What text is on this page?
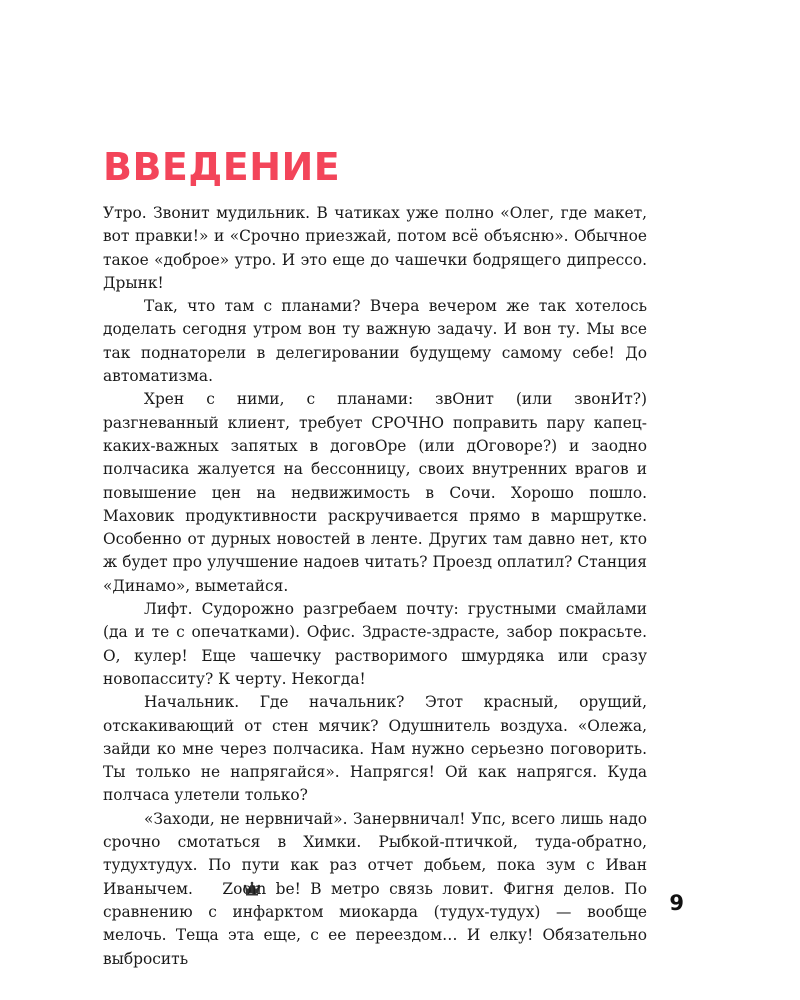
ВВЕДЕНИЕ

Утро. Звонит мудильник. В чатиках уже полно «Олег, где макет, вот правки!» и «Срочно приезжай, потом всё объясню». Обычное такое «доброе» утро. И это еще до чашечки бодрящего дипрессо. Дрынк!

Так, что там с планами? Вчера вечером же так хотелось доделать сегодня утром вон ту важную задачу. И вон ту. Мы все так поднаторели в делегировании будущему самому себе! До автоматизма.

Хрен с ними, с планами: звОнит (или звонИт?) разгневанный клиент, требует СРОЧНО поправить пару капец-каких-важных запятых в договОре (или дОговоре?) и заодно полчасика жалуется на бессонницу, своих внутренних врагов и повышение цен на недвижимость в Сочи. Хорошо пошло. Маховик продуктивности раскручивается прямо в маршрутке. Особенно от дурных новостей в ленте. Других там давно нет, кто ж будет про улучшение надоев читать? Проезд оплатил? Станция «Динамо», выметайся.

Лифт. Судорожно разгребаем почту: грустными смайлами (да и те с опечатками). Офис. Здрасте-здрасте, забор покрасьте. О, кулер! Еще чашечку растворимого шмурдяка или сразу новопасситу? К черту. Некогда!

Начальник. Где начальник? Этот красный, орущий, отскакивающий от стен мячик? Одушнитель воздуха. «Олежа, зайди ко мне через полчасика. Нам нужно серьезно поговорить. Ты только не напрягайся». Напрягся! Ой как напрягся. Куда полчаса улетели только?

«Заходи, не нервничай». Занервничал! Упс, всего лишь надо срочно смотаться в Химки. Рыбкой-птичкой, туда-обратно, тудухтудух. По пути как раз отчет добьем, пока зум с Иван Иванычем. Zoom be! В метро связь ловит. Фигня делов. По сравнению с инфарктом миокарда (тудух-тудух) — вообще мелочь. Теща эта еще, с ее переездом… И елку! Обязательно выбросить

9
